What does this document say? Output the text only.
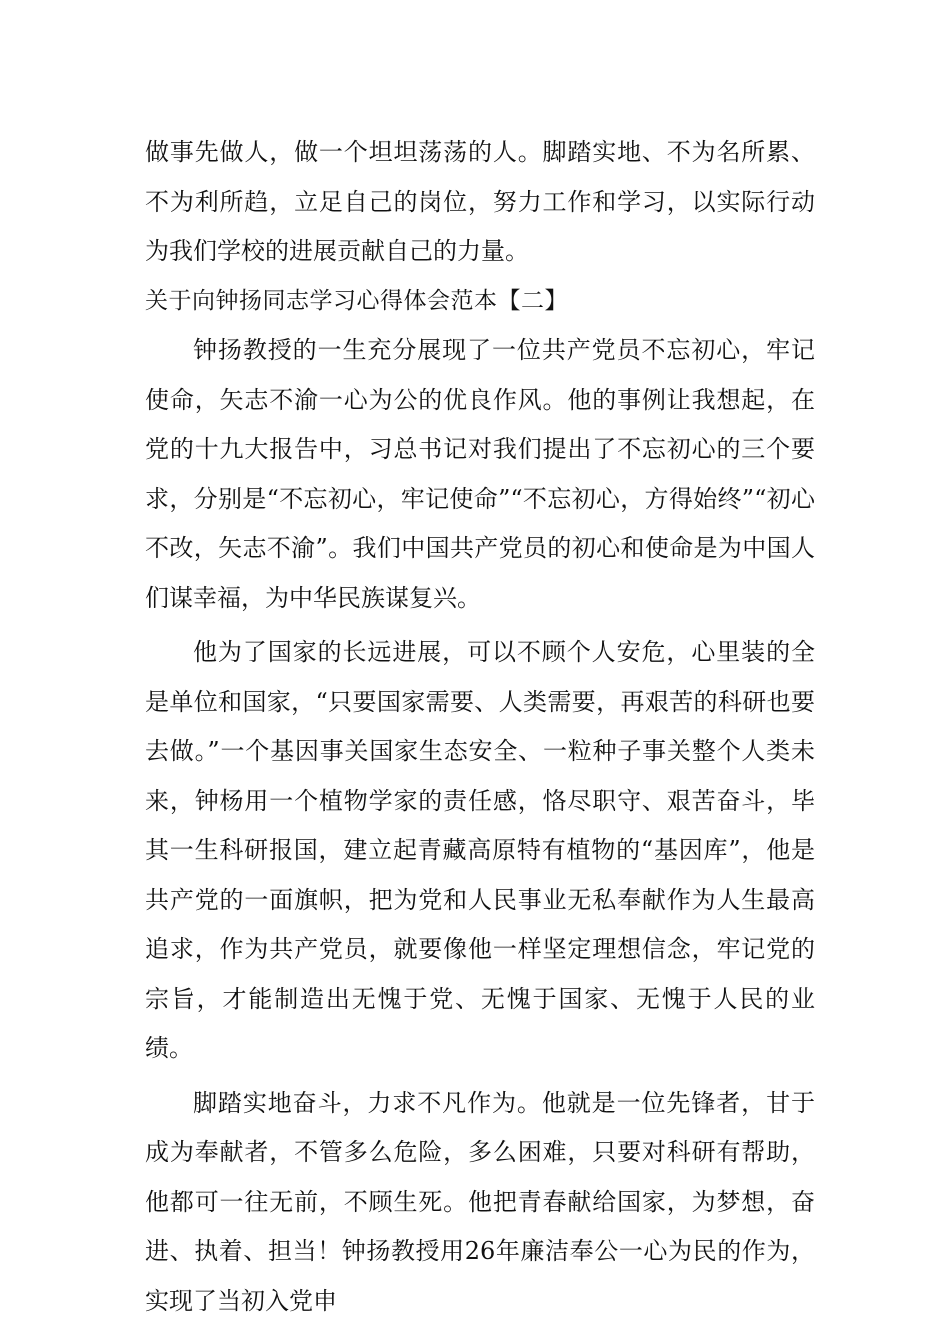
做事先做人，做一个坦坦荡荡的人。脚踏实地、不为名所累、不为利所趋，立足自己的岗位，努力工作和学习，以实际行动为我们学校的进展贡献自己的力量。

关于向钟扬同志学习心得体会范本【二】

钟扬教授的一生充分展现了一位共产党员不忘初心，牢记使命，矢志不渝一心为公的优良作风。他的事例让我想起，在党的十九大报告中，习总书记对我们提出了不忘初心的三个要求，分别是“不忘初心，牢记使命”“不忘初心，方得始终”“初心不改，矢志不渝”。我们中国共产党员的初心和使命是为中国人们谋幸福，为中华民族谋复兴。

他为了国家的长远进展，可以不顾个人安危，心里装的全是单位和国家，“只要国家需要、人类需要，再艰苦的科研也要去做。”一个基因事关国家生态安全、一粒种子事关整个人类未来，钟杨用一个植物学家的责任感，恪尽职守、艰苦奋斗，毕其一生科研报国，建立起青藏高原特有植物的“基因库”，他是共产党的一面旗帜，把为党和人民事业无私奉献作为人生最高追求，作为共产党员，就要像他一样坚定理想信念，牢记党的宗旨，才能制造出无愧于党、无愧于国家、无愧于人民的业绩。

脚踏实地奋斗，力求不凡作为。他就是一位先锋者，甘于成为奉献者，不管多么危险，多么困难，只要对科研有帮助，他都可一往无前，不顾生死。他把青春献给国家，为梦想，奋进、执着、担当！钟扬教授用26年廉洁奉公一心为民的作为，实现了当初入党申
